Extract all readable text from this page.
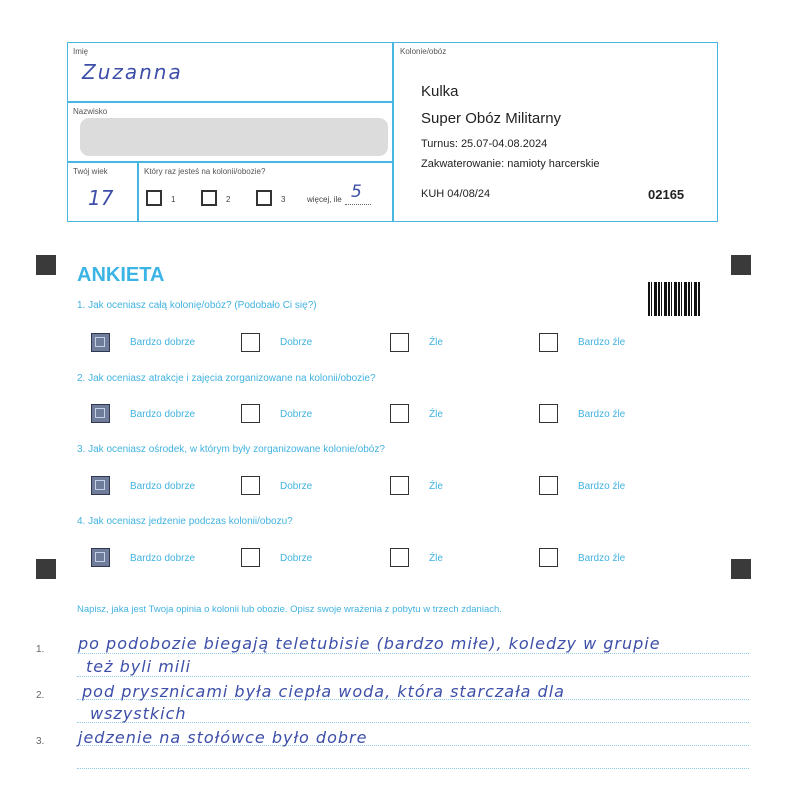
Imię
Zuzanna
Nazwisko
Twój wiek
17
Który raz jesteś na kolonii/obozie?
1	2	3	więcej, ile 5
Kolonie/obóz
Kulka
Super Obóz Militarny
Turnus: 25.07-04.08.2024
Zakwaterowanie: namioty harcerskie
KUH 04/08/24	02165
ANKIETA
1. Jak oceniasz całą kolonię/obóz? (Podobało Ci się?)
Bardzo dobrze	Dobrze	Źle	Bardzo źle
2. Jak oceniasz atrakcje i zajęcia zorganizowane na kolonii/obozie?
Bardzo dobrze	Dobrze	Źle	Bardzo źle
3. Jak oceniasz ośrodek, w którym były zorganizowane kolonie/obóz?
Bardzo dobrze	Dobrze	Źle	Bardzo źle
4. Jak oceniasz jedzenie podczas kolonii/obozu?
Bardzo dobrze	Dobrze	Źle	Bardzo źle
Napisz, jaka jest Twoja opinia o kolonii lub obozie. Opisz swoje wrażenia z pobytu w trzech zdaniach.
1.
2.
3.
po podobozie biegają teletubisie (bardzo miłe), koledzy w grupie
też byli mili
pod prysznicami była ciepła woda, która starczała dla
wszystkich
jedzenie na stołówce było dobre
